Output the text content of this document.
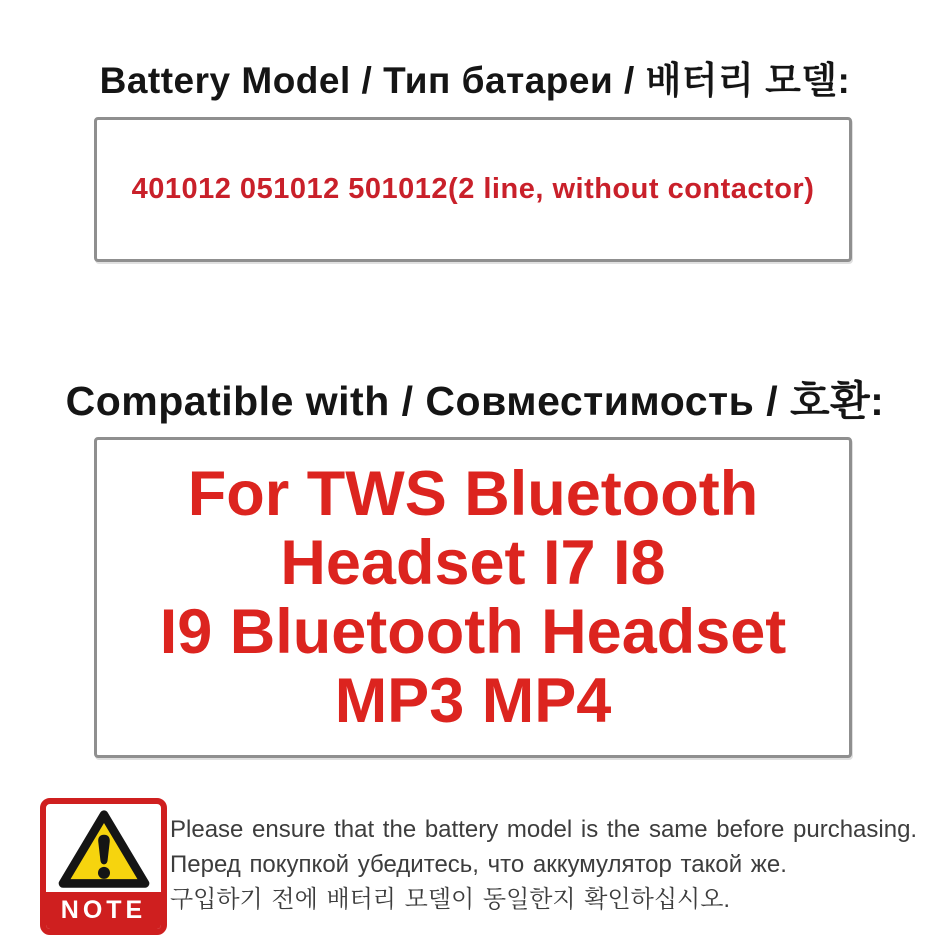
Battery Model / Тип батареи / 배터리 모델:
401012 051012 501012(2 line, without contactor)
Compatible with / Совместимость / 호환:
For TWS Bluetooth
Headset I7 I8
I9 Bluetooth Headset
MP3 MP4
NOTE
Please ensure that the battery model is the same before purchasing.
Перед покупкой убедитесь, что аккумулятор такой же.
구입하기 전에 배터리 모델이 동일한지 확인하십시오.
